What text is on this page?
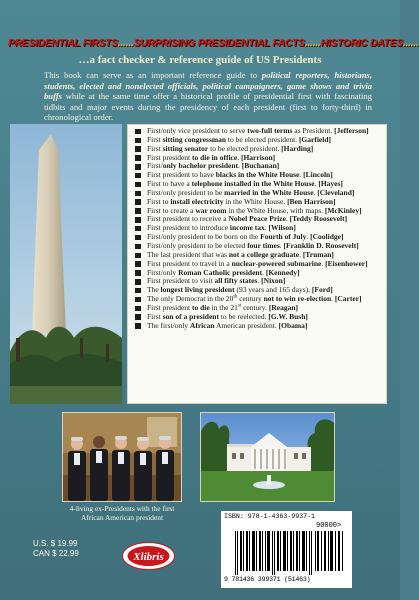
PRESIDENTIAL FIRSTS......SURPRISING PRESIDENTIAL FACTS......HISTORIC DATES......
…a fact checker & reference guide of US Presidents

This book can serve as an important reference guide to political reporters, historians, students, elected and nonelected officials, political campaigners, game shows and trivia buffs while at the same time offer a historical profile of presidential first with fascinating tidbits and major events during the presidency of each president (first to forty-third) in chronological order.

First/only vice president to serve two-full terms as President. [Jefferson]
First sitting congressman to be elected president. [Garfield]
First sitting senator to be elected president. [Harding]
First president to die in office. [Harrison]
First/only bachelor president. [Buchanan]
First president to have blacks in the White House. [Lincoln]
First to have a telephone installed in the White House. [Hayes]
First/only president to be married in the White House. [Cleveland]
First to install electricity in the White House. [Ben Harrison]
First to create a war room in the White House, with maps. [McKinley]
First president to receive a Nobel Peace Prize. [Teddy Roosevelt]
First president to introduce income tax. [Wilson]
First/only president to be born on the Fourth of July. [Coolidge]
First/only president to be elected four times. [Franklin D. Roosevelt]
The last president that was not a college graduate. [Truman]
First president to travel in a nuclear-powered submarine. [Eisenhower]
First/only Roman Catholic president. [Kennedy]
First president to visit all fifty states. [Nixon]
The longest living president (93 years and 165 days). [Ford]
The only Democrat in the 20th century not to win re-election. [Carter]
First president to die in the 21st century. [Reagan]
First son of a president to be reelected. [G.W. Bush]
The first/only African American president. [Obama]
4-living ex-Presidents with the first African American president
U.S. $ 19.99
CAN $ 22.99	Xlibris
ISBN: 978-1-4363-9937-1
90000>
9 781436 399371 (51463)
